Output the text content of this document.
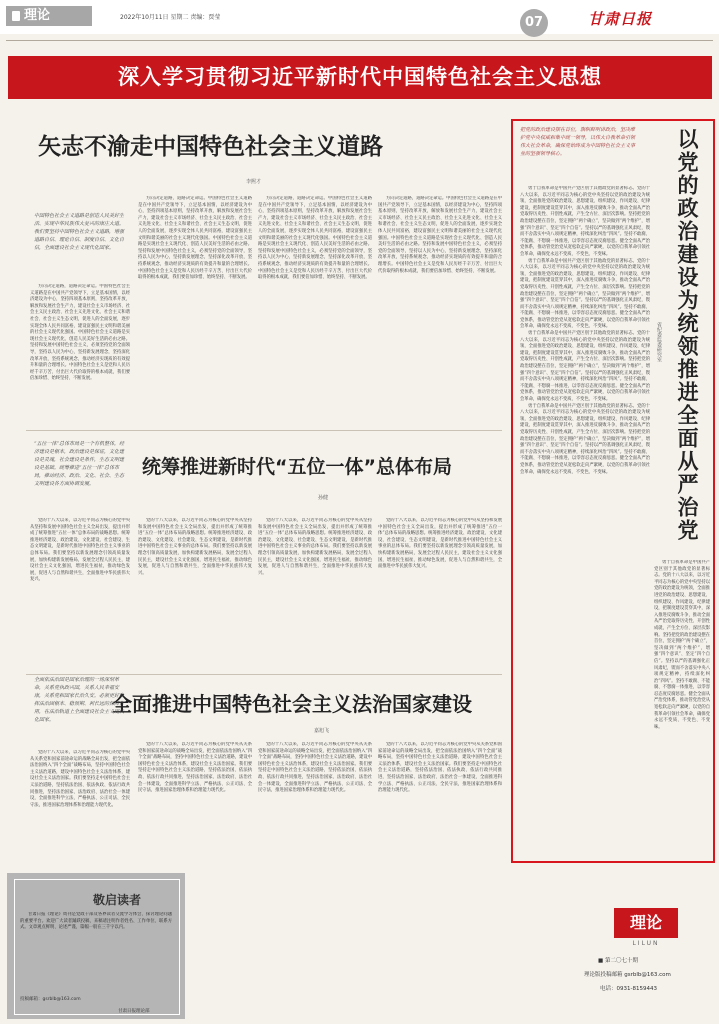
理论	2022年10月11日 星期二 责编：贾莹	07	甘肃日报
深入学习贯彻习近平新时代中国特色社会主义思想
矢志不渝走中国特色社会主义道路
李熙才
中国特色社会主义道路是创造人民美好生活、实现中华民族伟大复兴的康庄大道。我们要坚持中国特色社会主义道路，增强道路自信、理论自信、制度自信、文化自信，全面建设社会主义现代化国家。

方向决定道路，道路决定命运。中国特色社会主义道路是在中国共产党领导下，立足基本国情，以经济建设为中心，坚持四项基本原则，坚持改革开放，解放和发展社会生产力，建设社会主义市场经济、社会主义民主政治、社会主义先进文化、社会主义和谐社会、社会主义生态文明，促进人的全面发展，逐步实现全体人民共同富裕，建设富强民主文明和谐美丽的社会主义现代化强国。中国特色社会主义道路是实现社会主义现代化、创造人民美好生活的必由之路。坚持和发展中国特色社会主义，必须坚持党的全面领导，坚持以人民为中心，坚持新发展理念，坚持深化改革开放，坚持系统观念，推动经济实现质的有效提升和量的合理增长。中国特色社会主义是党和人民历经千辛万苦、付出巨大代价取得的根本成就，我们要倍加珍惜、始终坚持、不断发展。

方向决定道路，道路决定命运。中国特色社会主义道路是在中国共产党领导下，立足基本国情，以经济建设为中心，坚持四项基本原则，坚持改革开放，解放和发展社会生产力，建设社会主义市场经济、社会主义民主政治、社会主义先进文化、社会主义和谐社会、社会主义生态文明，促进人的全面发展，逐步实现全体人民共同富裕，建设富强民主文明和谐美丽的社会主义现代化强国。中国特色社会主义道路是实现社会主义现代化、创造人民美好生活的必由之路。坚持和发展中国特色社会主义，必须坚持党的全面领导，坚持以人民为中心，坚持新发展理念，坚持深化改革开放，坚持系统观念，推动经济实现质的有效提升和量的合理增长。中国特色社会主义是党和人民历经千辛万苦、付出巨大代价取得的根本成就，我们要倍加珍惜、始终坚持、不断发展。

方向决定道路，道路决定命运。中国特色社会主义道路是在中国共产党领导下，立足基本国情，以经济建设为中心，坚持四项基本原则，坚持改革开放，解放和发展社会生产力，建设社会主义市场经济、社会主义民主政治、社会主义先进文化、社会主义和谐社会、社会主义生态文明，促进人的全面发展，逐步实现全体人民共同富裕，建设富强民主文明和谐美丽的社会主义现代化强国。中国特色社会主义道路是实现社会主义现代化、创造人民美好生活的必由之路。坚持和发展中国特色社会主义，必须坚持党的全面领导，坚持以人民为中心，坚持新发展理念，坚持深化改革开放，坚持系统观念，推动经济实现质的有效提升和量的合理增长。中国特色社会主义是党和人民历经千辛万苦、付出巨大代价取得的根本成就，我们要倍加珍惜、始终坚持、不断发展。

方向决定道路，道路决定命运。中国特色社会主义道路是在中国共产党领导下，立足基本国情，以经济建设为中心，坚持四项基本原则，坚持改革开放，解放和发展社会生产力，建设社会主义市场经济、社会主义民主政治、社会主义先进文化、社会主义和谐社会、社会主义生态文明，促进人的全面发展，逐步实现全体人民共同富裕，建设富强民主文明和谐美丽的社会主义现代化强国。中国特色社会主义道路是实现社会主义现代化、创造人民美好生活的必由之路。坚持和发展中国特色社会主义，必须坚持党的全面领导，坚持以人民为中心，坚持新发展理念，坚持深化改革开放，坚持系统观念，推动经济实现质的有效提升和量的合理增长。中国特色社会主义是党和人民历经千辛万苦、付出巨大代价取得的根本成就，我们要倍加珍惜、始终坚持、不断发展。

统筹推进新时代“五位一体”总体布局
孙健
“五位一体”总体布局是一个有机整体，经济建设是根本，政治建设是保证，文化建设是灵魂，社会建设是条件，生态文明建设是基础。统筹推进“五位一体”总体布局，推动经济、政治、文化、社会、生态文明建设各方面协调发展。

党的十八大以来，以习近平同志为核心的党中央从坚持和发展中国特色社会主义全局出发，提出并形成了统筹推进“五位一体”总体布局的战略思想。统筹推进经济建设、政治建设、文化建设、社会建设、生态文明建设，是新时代推进中国特色社会主义事业的总体布局。我们要坚持以新发展理念引领高质量发展，加快构建新发展格局，发展全过程人民民主，建设社会主义文化强国，增进民生福祉，推动绿色发展，促进人与自然和谐共生，全面推进中华民族伟大复兴。

党的十八大以来，以习近平同志为核心的党中央从坚持和发展中国特色社会主义全局出发，提出并形成了统筹推进“五位一体”总体布局的战略思想。统筹推进经济建设、政治建设、文化建设、社会建设、生态文明建设，是新时代推进中国特色社会主义事业的总体布局。我们要坚持以新发展理念引领高质量发展，加快构建新发展格局，发展全过程人民民主，建设社会主义文化强国，增进民生福祉，推动绿色发展，促进人与自然和谐共生，全面推进中华民族伟大复兴。

党的十八大以来，以习近平同志为核心的党中央从坚持和发展中国特色社会主义全局出发，提出并形成了统筹推进“五位一体”总体布局的战略思想。统筹推进经济建设、政治建设、文化建设、社会建设、生态文明建设，是新时代推进中国特色社会主义事业的总体布局。我们要坚持以新发展理念引领高质量发展，加快构建新发展格局，发展全过程人民民主，建设社会主义文化强国，增进民生福祉，推动绿色发展，促进人与自然和谐共生，全面推进中华民族伟大复兴。

党的十八大以来，以习近平同志为核心的党中央从坚持和发展中国特色社会主义全局出发，提出并形成了统筹推进“五位一体”总体布局的战略思想。统筹推进经济建设、政治建设、文化建设、社会建设、生态文明建设，是新时代推进中国特色社会主义事业的总体布局。我们要坚持以新发展理念引领高质量发展，加快构建新发展格局，发展全过程人民民主，建设社会主义文化强国，增进民生福祉，推动绿色发展，促进人与自然和谐共生，全面推进中华民族伟大复兴。

全面推进中国特色社会主义法治国家建设
嘉旭飞
全面依法治国是国家治理的一场深刻革命，关系党执政兴国，关系人民幸福安康，关系党和国家长治久安。必须更好发挥法治固根本、稳预期、利长远的保障作用，在法治轨道上全面建设社会主义现代化国家。

党的十八大以来，以习近平同志为核心的党中央从关系党和国家前途命运的战略全局出发，把全面依法治国纳入“四个全面”战略布局，坚持中国特色社会主义法治道路，建设中国特色社会主义法治体系，建设社会主义法治国家。我们要坚持走中国特色社会主义法治道路，坚持依法治国、依法执政、依法行政共同推进，坚持法治国家、法治政府、法治社会一体建设，全面推进科学立法、严格执法、公正司法、全民守法，推进国家治理体系和治理能力现代化。

党的十八大以来，以习近平同志为核心的党中央从关系党和国家前途命运的战略全局出发，把全面依法治国纳入“四个全面”战略布局，坚持中国特色社会主义法治道路，建设中国特色社会主义法治体系，建设社会主义法治国家。我们要坚持走中国特色社会主义法治道路，坚持依法治国、依法执政、依法行政共同推进，坚持法治国家、法治政府、法治社会一体建设，全面推进科学立法、严格执法、公正司法、全民守法，推进国家治理体系和治理能力现代化。

党的十八大以来，以习近平同志为核心的党中央从关系党和国家前途命运的战略全局出发，把全面依法治国纳入“四个全面”战略布局，坚持中国特色社会主义法治道路，建设中国特色社会主义法治体系，建设社会主义法治国家。我们要坚持走中国特色社会主义法治道路，坚持依法治国、依法执政、依法行政共同推进，坚持法治国家、法治政府、法治社会一体建设，全面推进科学立法、严格执法、公正司法、全民守法，推进国家治理体系和治理能力现代化。

党的十八大以来，以习近平同志为核心的党中央从关系党和国家前途命运的战略全局出发，把全面依法治国纳入“四个全面”战略布局，坚持中国特色社会主义法治道路，建设中国特色社会主义法治体系，建设社会主义法治国家。我们要坚持走中国特色社会主义法治道路，坚持依法治国、依法执政、依法行政共同推进，坚持法治国家、法治政府、法治社会一体建设，全面推进科学立法、严格执法、公正司法、全民守法，推进国家治理体系和治理能力现代化。

把党的政治建设摆在首位，旗帜鲜明讲政治，坚决维护党中央权威和集中统一领导，以伟大自我革命引领伟大社会革命，确保党始终成为中国特色社会主义事业的坚强领导核心。	以党的政治建设为统领推进全面从严治党
省纪委监委研究室

勇于自我革命是中国共产党区别于其他政党的显著标志。党的十八大以来，以习近平同志为核心的党中央坚持以党的政治建设为统领，全面推进党的政治建设、思想建设、组织建设、作风建设、纪律建设，把制度建设贯穿其中，深入推进反腐败斗争，推动全面从严治党取得历史性、开创性成就，产生全方位、深层次影响。坚持把党的政治建设摆在首位，坚定拥护“两个确立”，坚决做到“两个维护”，增强“四个意识”、坚定“四个自信”。坚持以严的基调强化正风肃纪，锲而不舍落实中央八项规定精神，持续深化纠治“四风”。坚持不敢腐、不能腐、不想腐一体推进，以零容忍态度反腐惩恶。健全全面从严治党体系，推动管党治党从宽松软走向严紧硬，以党的自我革命引领社会革命，确保党永远不变质、不变色、不变味。

勇于自我革命是中国共产党区别于其他政党的显著标志。党的十八大以来，以习近平同志为核心的党中央坚持以党的政治建设为统领，全面推进党的政治建设、思想建设、组织建设、作风建设、纪律建设，把制度建设贯穿其中，深入推进反腐败斗争，推动全面从严治党取得历史性、开创性成就，产生全方位、深层次影响。坚持把党的政治建设摆在首位，坚定拥护“两个确立”，坚决做到“两个维护”，增强“四个意识”、坚定“四个自信”。坚持以严的基调强化正风肃纪，锲而不舍落实中央八项规定精神，持续深化纠治“四风”。坚持不敢腐、不能腐、不想腐一体推进，以零容忍态度反腐惩恶。健全全面从严治党体系，推动管党治党从宽松软走向严紧硬，以党的自我革命引领社会革命，确保党永远不变质、不变色、不变味。

勇于自我革命是中国共产党区别于其他政党的显著标志。党的十八大以来，以习近平同志为核心的党中央坚持以党的政治建设为统领，全面推进党的政治建设、思想建设、组织建设、作风建设、纪律建设，把制度建设贯穿其中，深入推进反腐败斗争，推动全面从严治党取得历史性、开创性成就，产生全方位、深层次影响。坚持把党的政治建设摆在首位，坚定拥护“两个确立”，坚决做到“两个维护”，增强“四个意识”、坚定“四个自信”。坚持以严的基调强化正风肃纪，锲而不舍落实中央八项规定精神，持续深化纠治“四风”。坚持不敢腐、不能腐、不想腐一体推进，以零容忍态度反腐惩恶。健全全面从严治党体系，推动管党治党从宽松软走向严紧硬，以党的自我革命引领社会革命，确保党永远不变质、不变色、不变味。

勇于自我革命是中国共产党区别于其他政党的显著标志。党的十八大以来，以习近平同志为核心的党中央坚持以党的政治建设为统领，全面推进党的政治建设、思想建设、组织建设、作风建设、纪律建设，把制度建设贯穿其中，深入推进反腐败斗争，推动全面从严治党取得历史性、开创性成就，产生全方位、深层次影响。坚持把党的政治建设摆在首位，坚定拥护“两个确立”，坚决做到“两个维护”，增强“四个意识”、坚定“四个自信”。坚持以严的基调强化正风肃纪，锲而不舍落实中央八项规定精神，持续深化纠治“四风”。坚持不敢腐、不能腐、不想腐一体推进，以零容忍态度反腐惩恶。健全全面从严治党体系，推动管党治党从宽松软走向严紧硬，以党的自我革命引领社会革命，确保党永远不变质、不变色、不变味。

勇于自我革命是中国共产党区别于其他政党的显著标志。党的十八大以来，以习近平同志为核心的党中央坚持以党的政治建设为统领，全面推进党的政治建设、思想建设、组织建设、作风建设、纪律建设，把制度建设贯穿其中，深入推进反腐败斗争，推动全面从严治党取得历史性、开创性成就，产生全方位、深层次影响。坚持把党的政治建设摆在首位，坚定拥护“两个确立”，坚决做到“两个维护”，增强“四个意识”、坚定“四个自信”。坚持以严的基调强化正风肃纪，锲而不舍落实中央八项规定精神，持续深化纠治“四风”。坚持不敢腐、不能腐、不想腐一体推进，以零容忍态度反腐惩恶。健全全面从严治党体系，推动管党治党从宽松软走向严紧硬，以党的自我革命引领社会革命，确保党永远不变质、不变色、不变味。

敬启读者

甘肃日报《理论》周刊是党政干部及各界读者交流学习体会、探讨理论问题的重要平台。欢迎广大读者踊跃投稿，来稿请注明作者姓名、工作单位、联系方式。文章观点鲜明、论述严谨，篇幅一般在三千字以内。

投稿邮箱：gsrblb@163.com
甘肃日报理论部
理论
LILUN
■ 第二〇七十期
理论版投稿邮箱 gsrblb@163.com
电话：0931-8159443
